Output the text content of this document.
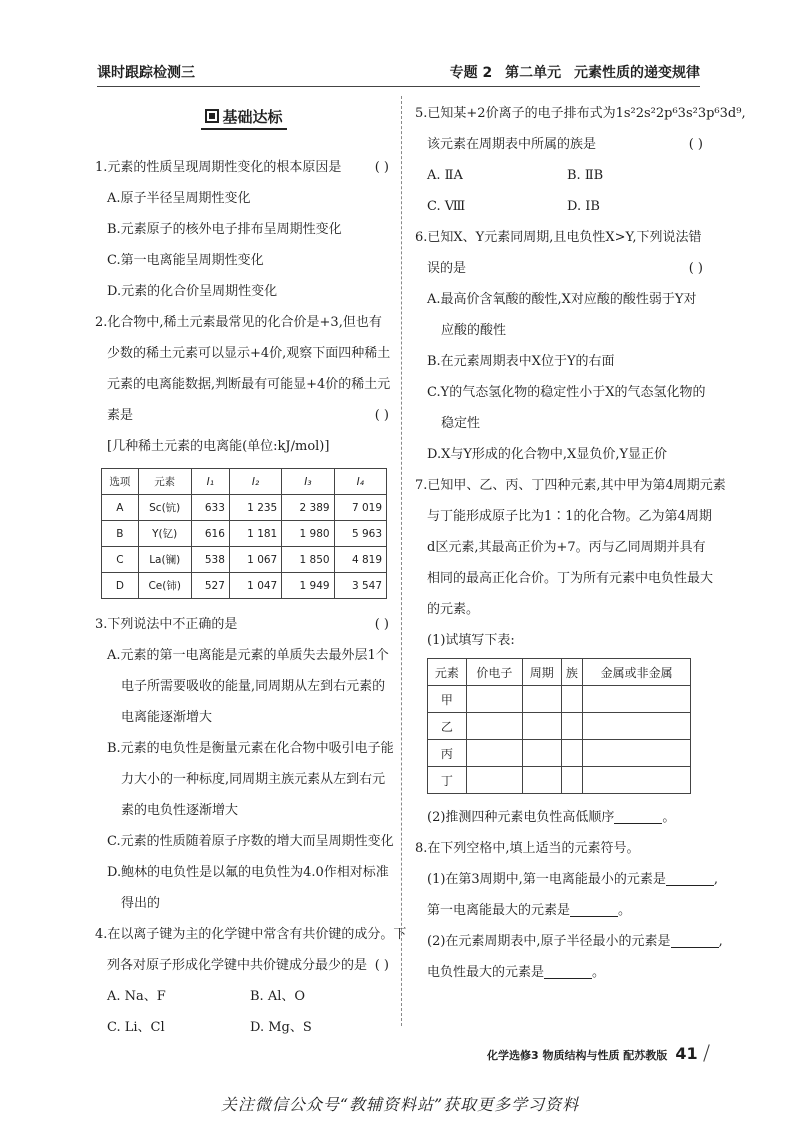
课时跟踪检测三	专题 2 第二单元 元素性质的递变规律
基础达标
1.元素的性质呈现周期性变化的根本原因是	( )
A.原子半径呈周期性变化
B.元素原子的核外电子排布呈周期性变化
C.第一电离能呈周期性变化
D.元素的化合价呈周期性变化
2.化合物中,稀土元素最常见的化合价是+3,但也有
少数的稀土元素可以显示+4价,观察下面四种稀土
元素的电离能数据,判断最有可能显+4价的稀土元
素是	( )
[几种稀土元素的电离能(单位:kJ/mol)]
选项	元素	I₁	I₂	I₃	I₄
A	Sc(钪)	633	1 235	2 389	7 019
B	Y(钇)	616	1 181	1 980	5 963
C	La(镧)	538	1 067	1 850	4 819
D	Ce(铈)	527	1 047	1 949	3 547
3.下列说法中不正确的是	( )
A.元素的第一电离能是元素的单质失去最外层1个
电子所需要吸收的能量,同周期从左到右元素的
电离能逐渐增大
B.元素的电负性是衡量元素在化合物中吸引电子能
力大小的一种标度,同周期主族元素从左到右元
素的电负性逐渐增大
C.元素的性质随着原子序数的增大而呈周期性变化
D.鲍林的电负性是以氟的电负性为4.0作相对标准
得出的
4.在以离子键为主的化学键中常含有共价键的成分。下
列各对原子形成化学键中共价键成分最少的是 ( )
A. Na、F	B. Al、O
C. Li、Cl	D. Mg、S
5.已知某+2价离子的电子排布式为1s²2s²2p⁶3s²3p⁶3d⁹,
该元素在周期表中所属的族是	( )
A. ⅡA	B. ⅡB
C. Ⅷ	D. ⅠB
6.已知X、Y元素同周期,且电负性X>Y,下列说法错
误的是	( )
A.最高价含氧酸的酸性,X对应酸的酸性弱于Y对
应酸的酸性
B.在元素周期表中X位于Y的右面
C.Y的气态氢化物的稳定性小于X的气态氢化物的
稳定性
D.X与Y形成的化合物中,X显负价,Y显正价
7.已知甲、乙、丙、丁四种元素,其中甲为第4周期元素
与丁能形成原子比为1∶1的化合物。乙为第4周期
d区元素,其最高正价为+7。丙与乙同周期并具有
相同的最高正化合价。丁为所有元素中电负性最大
的元素。
(1)试填写下表:
元素	价电子	周期	族	金属或非金属
甲				
乙				
丙				
丁				
(2)推测四种元素电负性高低顺序	。
8.在下列空格中,填上适当的元素符号。
(1)在第3周期中,第一电离能最小的元素是	,
第一电离能最大的元素是	。
(2)在元素周期表中,原子半径最小的元素是	,
电负性最大的元素是	。
化学选修3 物质结构与性质 配苏教版 41
关注微信公众号“教辅资料站”获取更多学习资料
